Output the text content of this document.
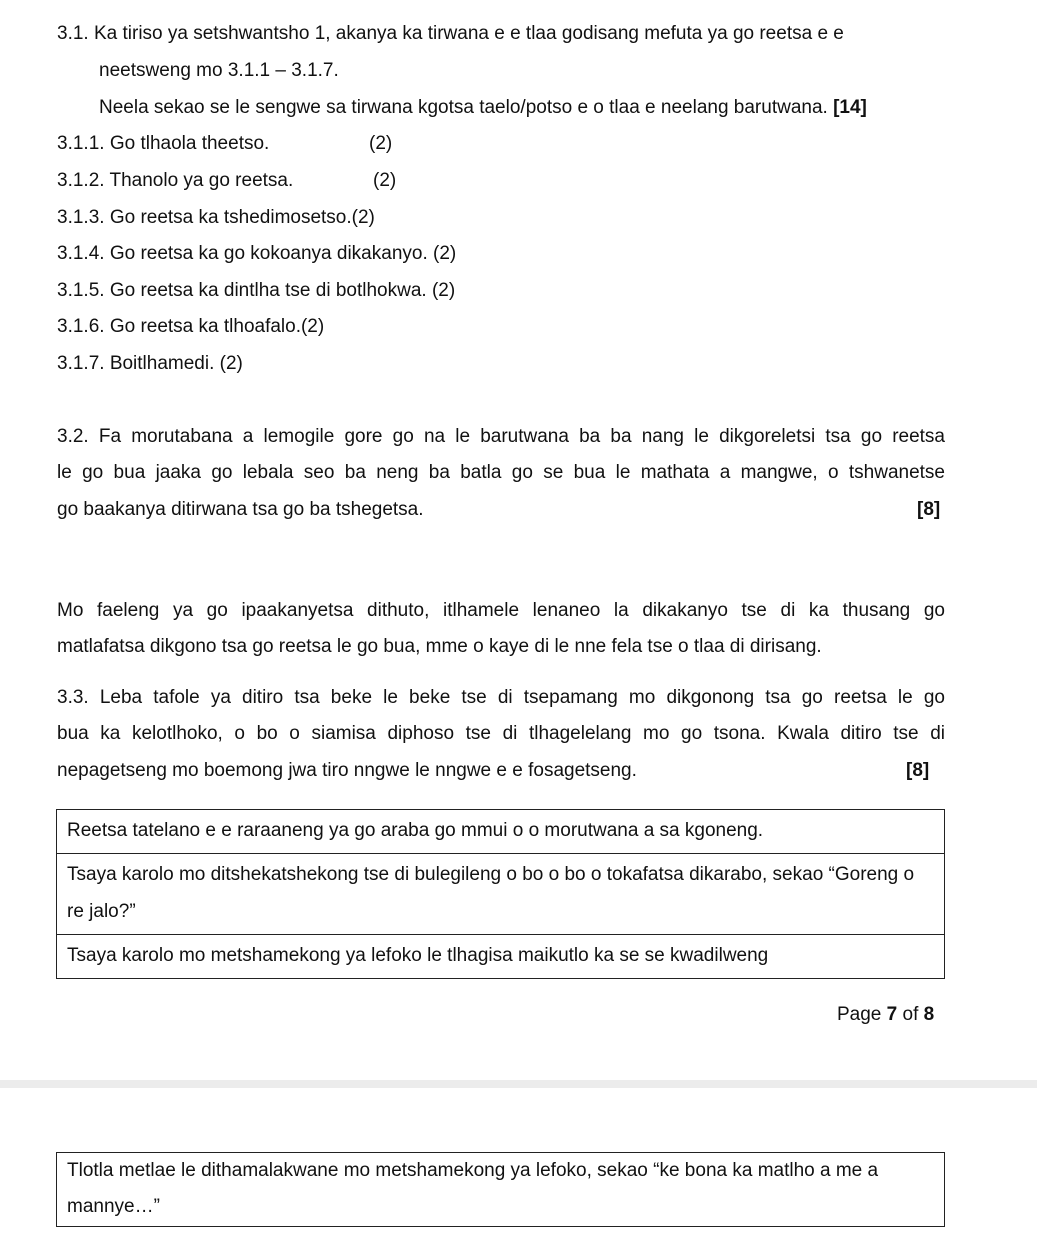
3.1. Ka tiriso ya setshwantsho 1, akanya ka tirwana e e tlaa godisang mefuta ya go reetsa e e
neetsweng mo 3.1.1 – 3.1.7.
Neela sekao se le sengwe sa tirwana kgotsa taelo/potso e o tlaa e neelang barutwana. [14]
3.1.1. Go tlhaola theetso.	(2)
3.1.2. Thanolo ya go reetsa.	(2)
3.1.3. Go reetsa ka tshedimosetso.(2)
3.1.4. Go reetsa ka go kokoanya dikakanyo. (2)
3.1.5. Go reetsa ka dintlha tse di botlhokwa. (2)
3.1.6. Go reetsa ka tlhoafalo.(2)
3.1.7. Boitlhamedi. (2)
3.2. Fa morutabana a lemogile gore go na le barutwana ba ba nang le dikgoreletsi tsa go reetsa
le go bua jaaka go lebala seo ba neng ba batla go se bua le mathata a mangwe, o tshwanetse
go baakanya ditirwana tsa go ba tshegetsa.	[8]
Mo faeleng ya go ipaakanyetsa dithuto, itlhamele lenaneo la dikakanyo tse di ka thusang go
matlafatsa dikgono tsa go reetsa le go bua, mme o kaye di le nne fela tse o tlaa di dirisang.
3.3. Leba tafole ya ditiro tsa beke le beke tse di tsepamang mo dikgonong tsa go reetsa le go
bua ka kelotlhoko, o bo o siamisa diphoso tse di tlhagelelang mo go tsona. Kwala ditiro tse di
nepagetseng mo boemong jwa tiro nngwe le nngwe e e fosagetseng.	[8]
Reetsa tatelano e e raraaneng ya go araba go mmui o o morutwana a sa kgoneng.
Tsaya karolo mo ditshekatshekong tse di bulegileng o bo o bo o tokafatsa dikarabo, sekao “Goreng o re jalo?”
Tsaya karolo mo metshamekong ya lefoko le tlhagisa maikutlo ka se se kwadilweng
Page 7 of 8
Tlotla metlae le dithamalakwane mo metshamekong ya lefoko, sekao “ke bona ka matlho a me a mannye…”
